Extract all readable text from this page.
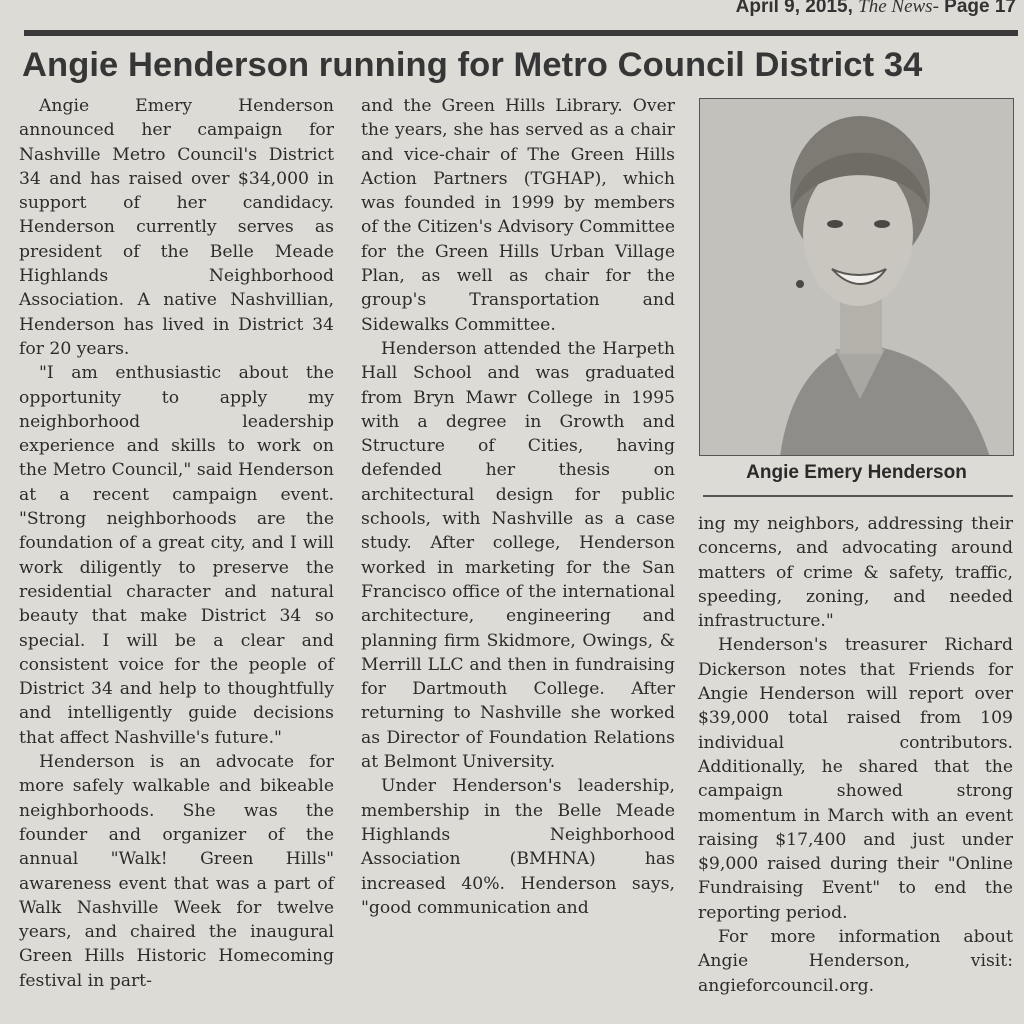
April 9, 2015, The News- Page 17
Angie Henderson running for Metro Council District 34

Angie Emery Henderson announced her campaign for Nashville Metro Council's District 34 and has raised over $34,000 in support of her candidacy. Henderson currently serves as president of the Belle Meade Highlands Neighborhood Association. A native Nashvillian, Henderson has lived in District 34 for 20 years.

"I am enthusiastic about the opportunity to apply my neighborhood leadership experience and skills to work on the Metro Council," said Henderson at a recent campaign event. "Strong neighborhoods are the foundation of a great city, and I will work diligently to preserve the residential character and natural beauty that make District 34 so special. I will be a clear and consistent voice for the people of District 34 and help to thoughtfully and intelligently guide decisions that affect Nashville's future."

Henderson is an advocate for more safely walkable and bikeable neighborhoods. She was the founder and organizer of the annual "Walk! Green Hills" awareness event that was a part of Walk Nashville Week for twelve years, and chaired the inaugural Green Hills Historic Homecoming festival in part-

and the Green Hills Library. Over the years, she has served as a chair and vice-chair of The Green Hills Action Partners (TGHAP), which was founded in 1999 by members of the Citizen's Advisory Committee for the Green Hills Urban Village Plan, as well as chair for the group's Transportation and Sidewalks Committee.

Henderson attended the Harpeth Hall School and was graduated from Bryn Mawr College in 1995 with a degree in Growth and Structure of Cities, having defended her thesis on architectural design for public schools, with Nashville as a case study. After college, Henderson worked in marketing for the San Francisco office of the international architecture, engineering and planning firm Skidmore, Owings, & Merrill LLC and then in fundraising for Dartmouth College. After returning to Nashville she worked as Director of Foundation Relations at Belmont University.

Under Henderson's leadership, membership in the Belle Meade Highlands Neighborhood Association (BMHNA) has increased 40%. Henderson says, "good communication and

Angie Emery Henderson

ing my neighbors, addressing their concerns, and advocating around matters of crime & safety, traffic, speeding, zoning, and needed infrastructure."

Henderson's treasurer Richard Dickerson notes that Friends for Angie Henderson will report over $39,000 total raised from 109 individual contributors. Additionally, he shared that the campaign showed strong momentum in March with an event raising $17,400 and just under $9,000 raised during their "Online Fundraising Event" to end the reporting period.

For more information about Angie Henderson, visit: angieforcouncil.org.
